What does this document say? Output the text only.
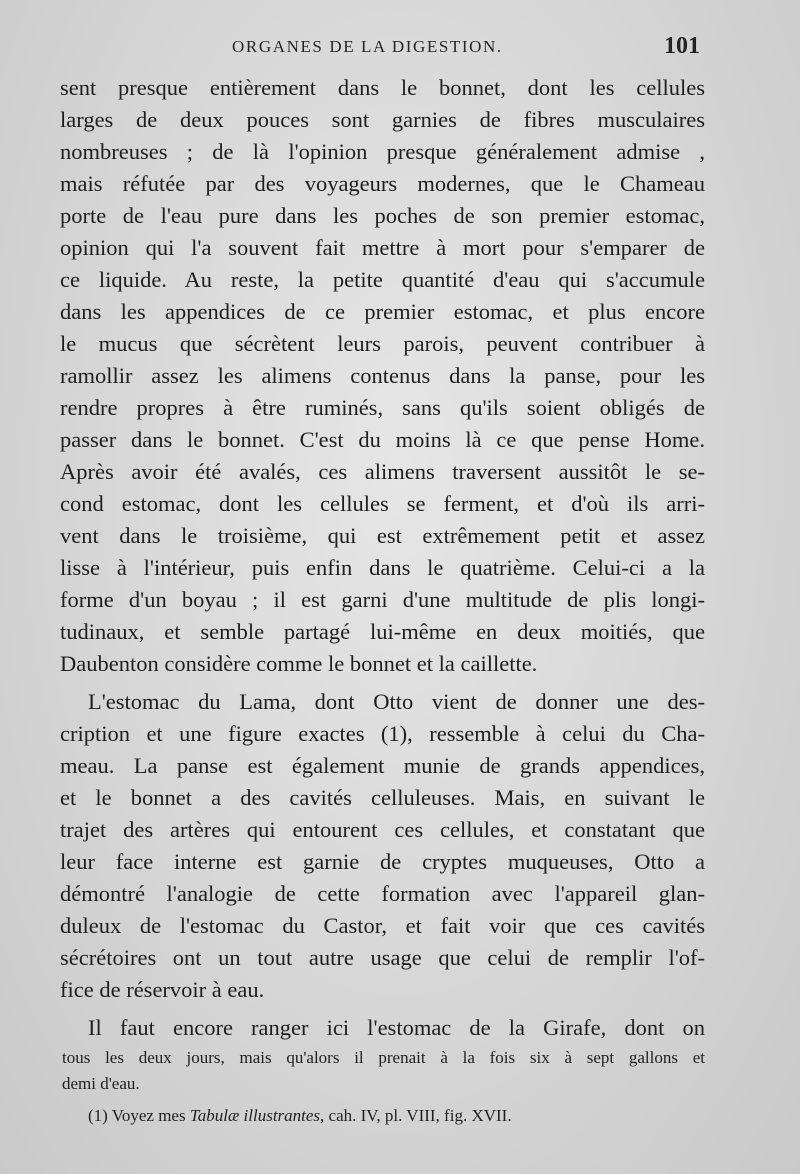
ORGANES DE LA DIGESTION.	101
sent presque entièrement dans le bonnet, dont les cellules
larges de deux pouces sont garnies de fibres musculaires
nombreuses ; de là l'opinion presque généralement admise ,
mais réfutée par des voyageurs modernes, que le Chameau
porte de l'eau pure dans les poches de son premier estomac,
opinion qui l'a souvent fait mettre à mort pour s'emparer de
ce liquide. Au reste, la petite quantité d'eau qui s'accumule
dans les appendices de ce premier estomac, et plus encore
le mucus que sécrètent leurs parois, peuvent contribuer à
ramollir assez les alimens contenus dans la panse, pour les
rendre propres à être ruminés, sans qu'ils soient obligés de
passer dans le bonnet. C'est du moins là ce que pense Home.
Après avoir été avalés, ces alimens traversent aussitôt le se-
cond estomac, dont les cellules se ferment, et d'où ils arri-
vent dans le troisième, qui est extrêmement petit et assez
lisse à l'intérieur, puis enfin dans le quatrième. Celui-ci a la
forme d'un boyau ; il est garni d'une multitude de plis longi-
tudinaux, et semble partagé lui-même en deux moitiés, que
Daubenton considère comme le bonnet et la caillette.
L'estomac du Lama, dont Otto vient de donner une des-
cription et une figure exactes (1), ressemble à celui du Cha-
meau. La panse est également munie de grands appendices,
et le bonnet a des cavités celluleuses. Mais, en suivant le
trajet des artères qui entourent ces cellules, et constatant que
leur face interne est garnie de cryptes muqueuses, Otto a
démontré l'analogie de cette formation avec l'appareil glan-
duleux de l'estomac du Castor, et fait voir que ces cavités
sécrétoires ont un tout autre usage que celui de remplir l'of-
fice de réservoir à eau.
Il faut encore ranger ici l'estomac de la Girafe, dont on
tous les deux jours, mais qu'alors il prenait à la fois six à sept gallons et
demi d'eau.
(1) Voyez mes Tabulæ illustrantes, cah. IV, pl. VIII, fig. XVII.
